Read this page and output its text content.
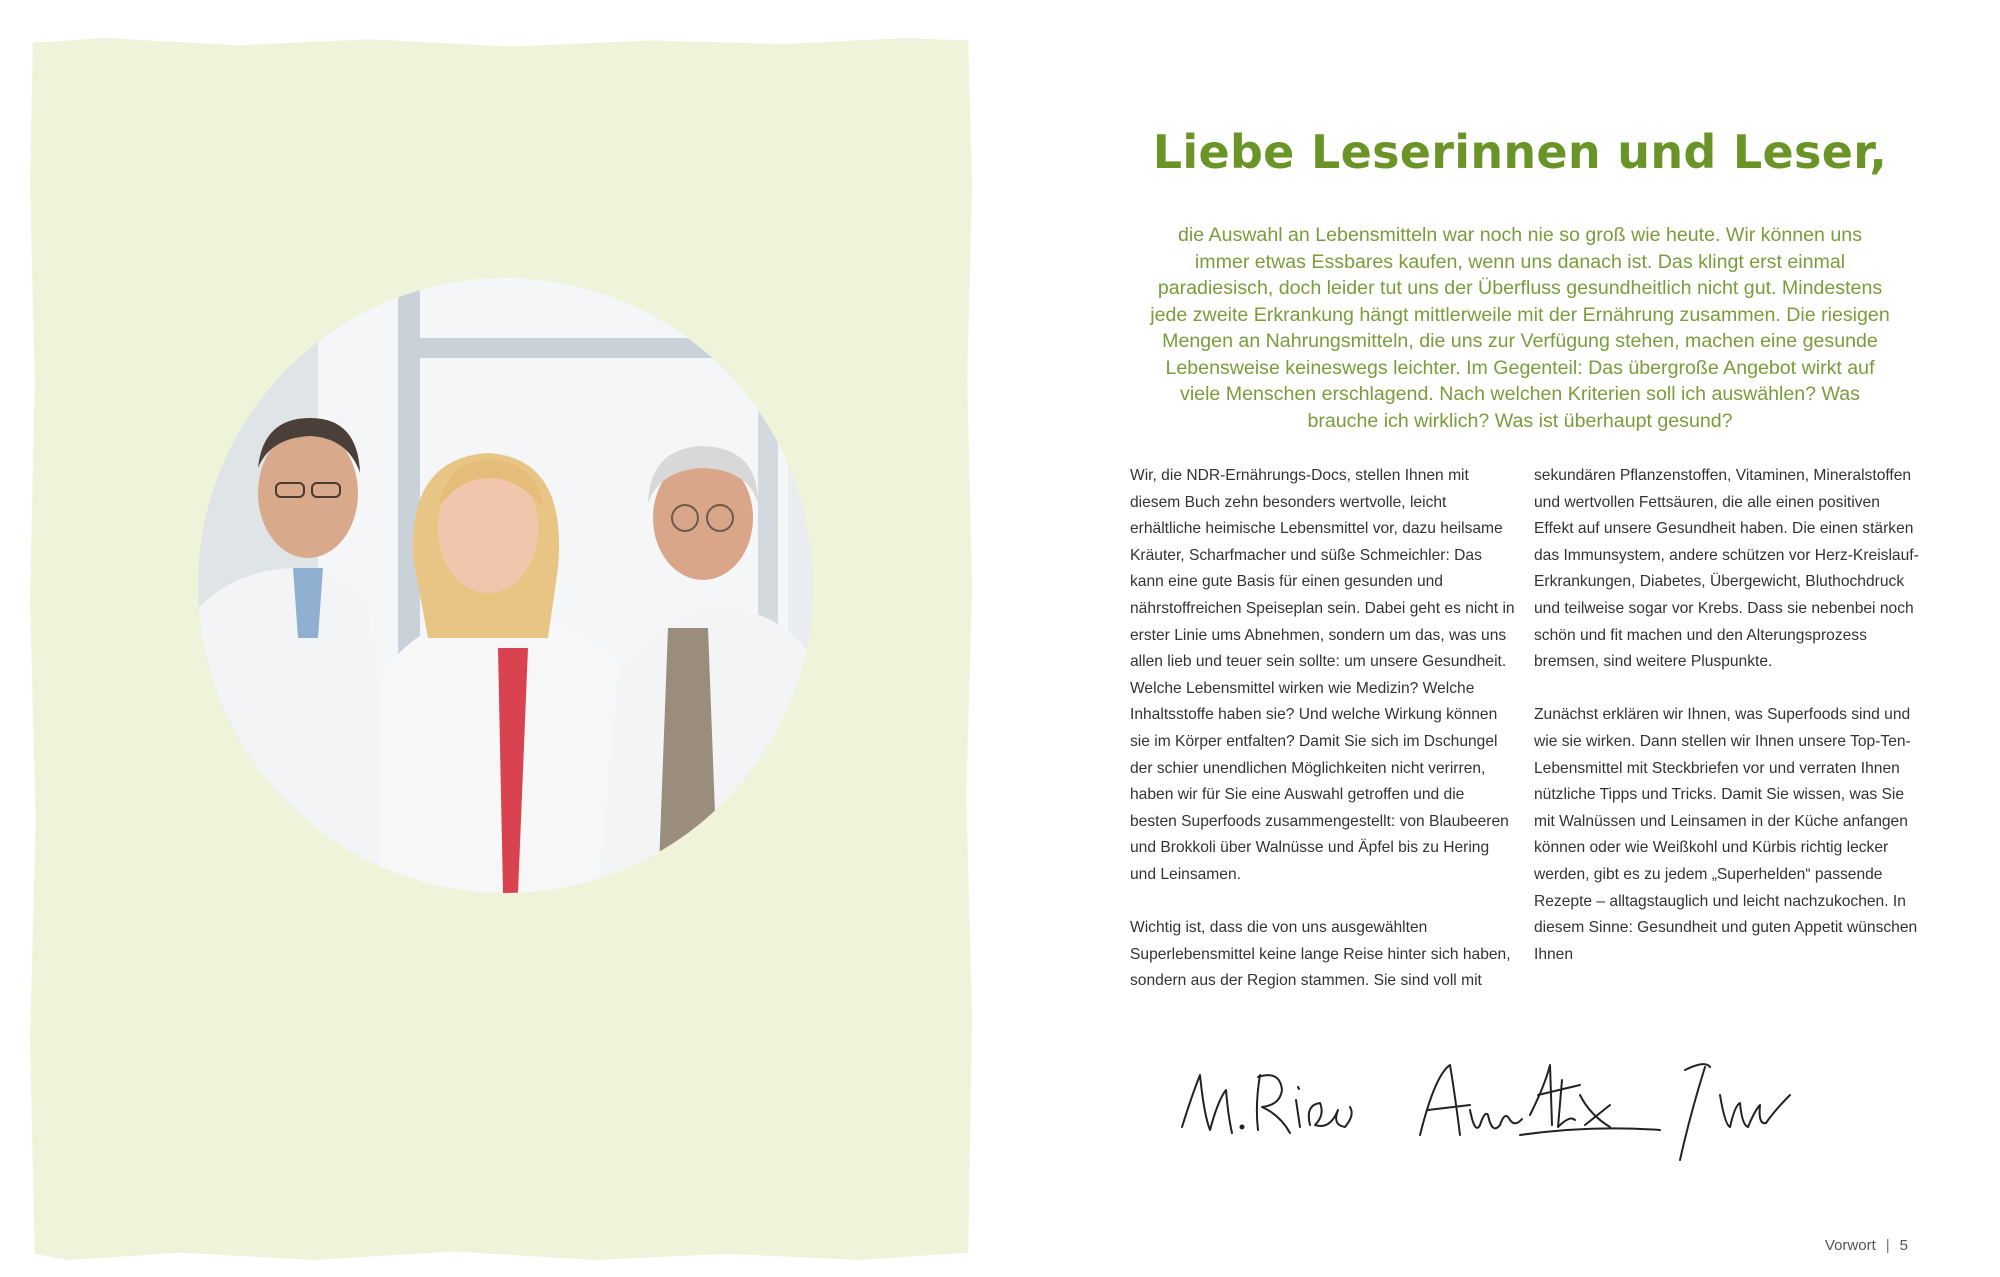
Liebe Leserinnen und Leser,

die Auswahl an Lebensmitteln war noch nie so groß wie heute. Wir können uns immer etwas Essbares kaufen, wenn uns danach ist. Das klingt erst einmal paradiesisch, doch leider tut uns der Überfluss gesundheitlich nicht gut. Mindestens jede zweite Erkrankung hängt mittlerweile mit der Ernährung zusammen. Die riesigen Mengen an Nahrungsmitteln, die uns zur Verfügung stehen, machen eine gesunde Lebensweise keineswegs leichter. Im Gegenteil: Das übergroße Angebot wirkt auf viele Menschen erschlagend. Nach welchen Kriterien soll ich auswählen? Was brauche ich wirklich? Was ist überhaupt gesund?

Wir, die NDR-Ernährungs-Docs, stellen Ihnen mit diesem Buch zehn besonders wertvolle, leicht erhältliche heimische Lebensmittel vor, dazu heilsame Kräuter, Scharfmacher und süße Schmeichler: Das kann eine gute Basis für einen gesunden und nährstoffreichen Speiseplan sein. Dabei geht es nicht in erster Linie ums Abnehmen, sondern um das, was uns allen lieb und teuer sein sollte: um unsere Gesundheit. Welche Lebensmittel wirken wie Medizin? Welche Inhaltsstoffe haben sie? Und welche Wirkung können sie im Körper entfalten? Damit Sie sich im Dschungel der schier unendlichen Möglichkeiten nicht verirren, haben wir für Sie eine Auswahl getroffen und die besten Superfoods zusammengestellt: von Blaubeeren und Brokkoli über Walnüsse und Äpfel bis zu Hering und Leinsamen.

Wichtig ist, dass die von uns ausgewählten Superlebensmittel keine lange Reise hinter sich haben, sondern aus der Region stammen. Sie sind voll mit

sekundären Pflanzenstoffen, Vitaminen, Mineralstoffen und wertvollen Fettsäuren, die alle einen positiven Effekt auf unsere Gesundheit haben. Die einen stärken das Immunsystem, andere schützen vor Herz-Kreislauf-Erkrankungen, Diabetes, Übergewicht, Bluthochdruck und teilweise sogar vor Krebs. Dass sie nebenbei noch schön und fit machen und den Alterungsprozess bremsen, sind weitere Pluspunkte.

Zunächst erklären wir Ihnen, was Superfoods sind und wie sie wirken. Dann stellen wir Ihnen unsere Top-Ten-Lebensmittel mit Steckbriefen vor und verraten Ihnen nützliche Tipps und Tricks. Damit Sie wissen, was Sie mit Walnüssen und Leinsamen in der Küche anfangen können oder wie Weißkohl und Kürbis richtig lecker werden, gibt es zu jedem „Superhelden“ passende Rezepte – alltagstauglich und leicht nachzukochen. In diesem Sinne: Gesundheit und guten Appetit wünschen Ihnen

Vorwort | 5
